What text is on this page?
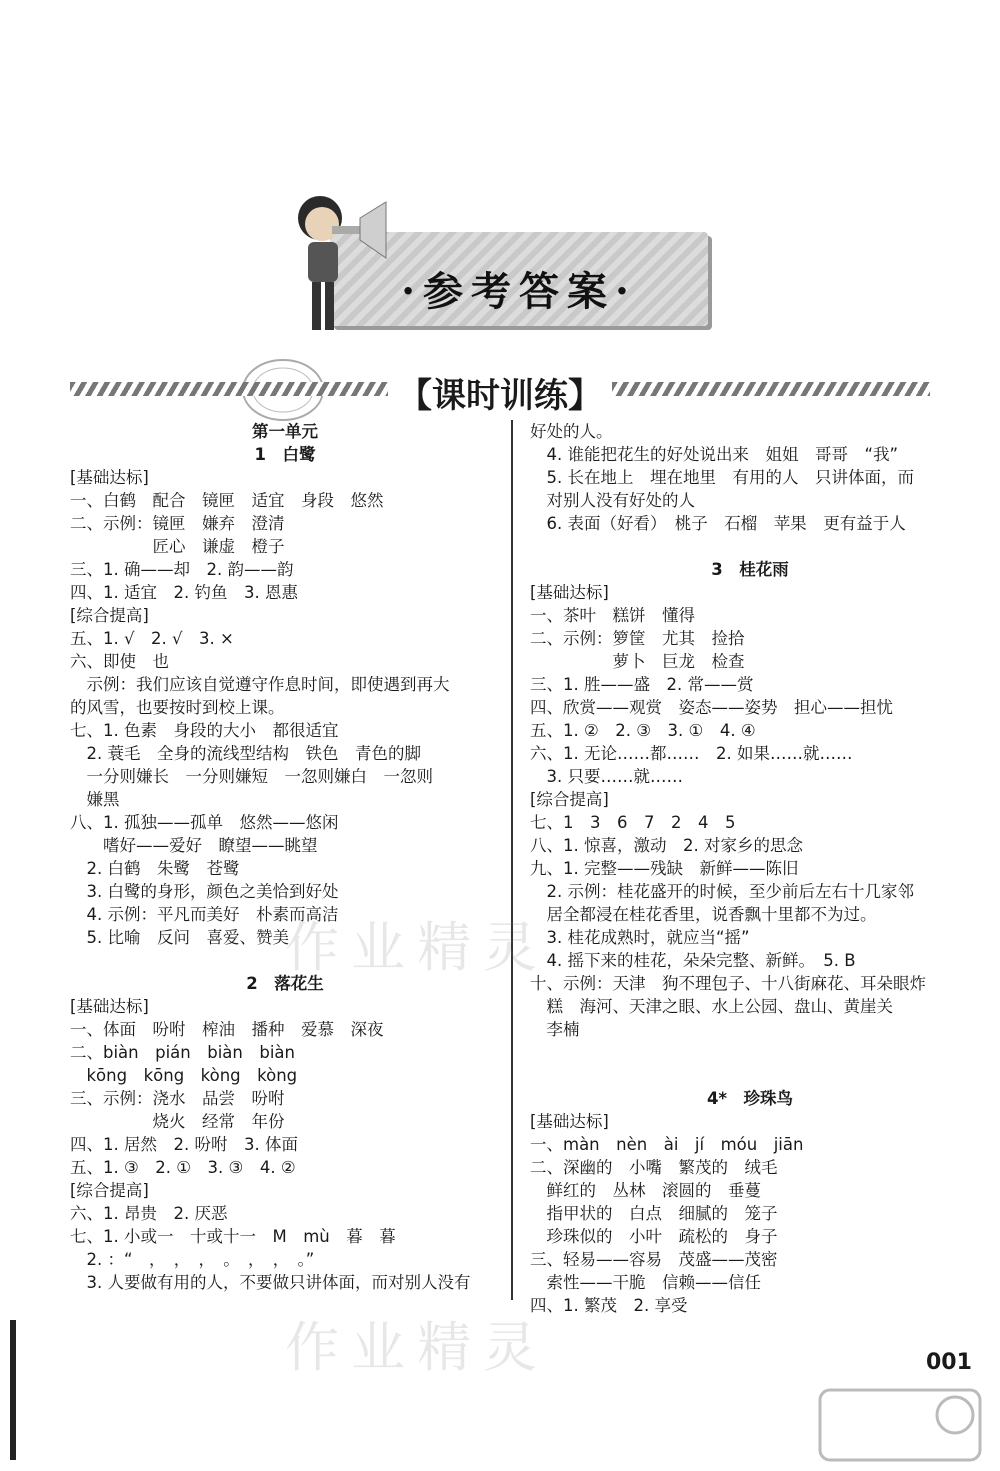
·参考答案·
【课时训练】
第一单元
1　白鹭
[基础达标]
一、白鹤　配合　镜匣　适宜　身段　悠然
二、示例：镜匣　嫌弃　澄清
　　　　　匠心　谦虚　橙子
三、1. 确——却　2. 韵——韵
四、1. 适宜　2. 钓鱼　3. 恩惠
[综合提高]
五、1. √　2. √　3. ×
六、即使　也
　示例：我们应该自觉遵守作息时间，即使遇到再大
的风雪，也要按时到校上课。
七、1. 色素　身段的大小　都很适宜
　2. 蓑毛　全身的流线型结构　铁色　青色的脚
　一分则嫌长　一分则嫌短　一忽则嫌白　一忽则
　嫌黑
八、1. 孤独——孤单　悠然——悠闲
　　嗜好——爱好　瞭望——眺望
　2. 白鹤　朱鹭　苍鹭
　3. 白鹭的身形，颜色之美恰到好处
　4. 示例：平凡而美好　朴素而高洁
　5. 比喻　反问　喜爱、赞美
2　落花生
[基础达标]
一、体面　吩咐　榨油　播种　爱慕　深夜
二、biàn　pián　biàn　biàn
　kōng　kōng　kòng　kòng
三、示例：浇水　品尝　吩咐
　　　　　烧火　经常　年份
四、1. 居然　2. 吩咐　3. 体面
五、1. ③　2. ①　3. ③　4. ②
[综合提高]
六、1. 昂贵　2. 厌恶
七、1. 小或一　十或十一　M　mù　暮　暮
　2. ：“　，　，　，　。　，　，　。”
　3. 人要做有用的人，不要做只讲体面，而对别人没有
好处的人。
　4. 谁能把花生的好处说出来　姐姐　哥哥　“我”
　5. 长在地上　埋在地里　有用的人　只讲体面，而
　对别人没有好处的人
　6. 表面（好看）　桃子　石榴　苹果　更有益于人
3　桂花雨
[基础达标]
一、茶叶　糕饼　懂得
二、示例：箩筐　尤其　捡拾
　　　　　萝卜　巨龙　检查
三、1. 胜——盛　2. 常——赏
四、欣赏——观赏　姿态——姿势　担心——担忧
五、1. ②　2. ③　3. ①　4. ④
六、1. 无论……都……　2. 如果……就……
　3. 只要……就……
[综合提高]
七、1　3　6　7　2　4　5
八、1. 惊喜，激动　2. 对家乡的思念
九、1. 完整——残缺　新鲜——陈旧
　2. 示例：桂花盛开的时候，至少前后左右十几家邻
　居全都浸在桂花香里，说香飘十里都不为过。
　3. 桂花成熟时，就应当“摇”
　4. 摇下来的桂花，朵朵完整、新鲜。　5. B
十、示例：天津　狗不理包子、十八街麻花、耳朵眼炸
　糕　海河、天津之眼、水上公园、盘山、黄崖关
　李楠
4*　珍珠鸟
[基础达标]
一、màn　nèn　ài　jí　móu　jiān
二、深幽的　小嘴　繁茂的　绒毛
　鲜红的　丛林　滚圆的　垂蔓
　指甲状的　白点　细腻的　笼子
　珍珠似的　小叶　疏松的　身子
三、轻易——容易　茂盛——茂密
　索性——干脆　信赖——信任
四、1. 繁茂　2. 享受
作业精灵
作业精灵	001
